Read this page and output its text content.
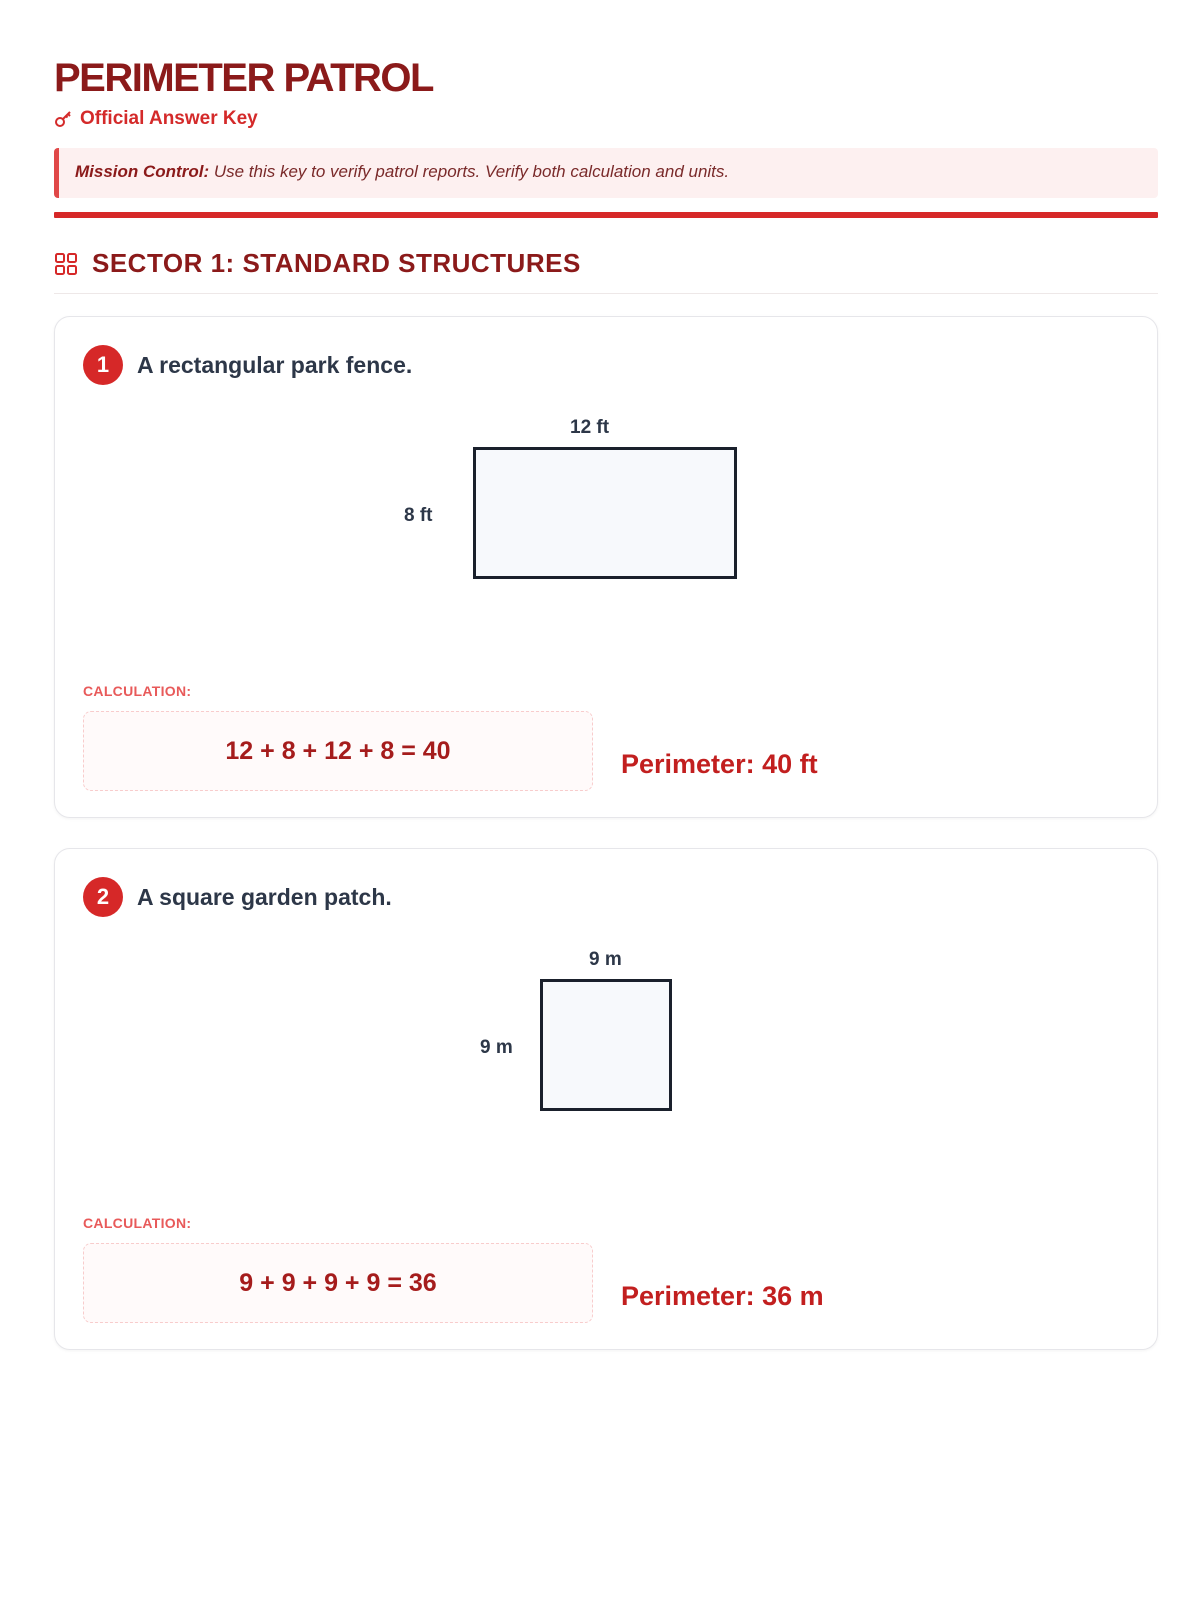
PERIMETER PATROL
Official Answer Key
Mission Control: Use this key to verify patrol reports. Verify both calculation and units.
SECTOR 1: STANDARD STRUCTURES
1	A rectangular park fence.
12 ft
8 ft
CALCULATION:
12 + 8 + 12 + 8 = 40	Perimeter: 40 ft
2	A square garden patch.
9 m
9 m
CALCULATION:
9 + 9 + 9 + 9 = 36	Perimeter: 36 m
